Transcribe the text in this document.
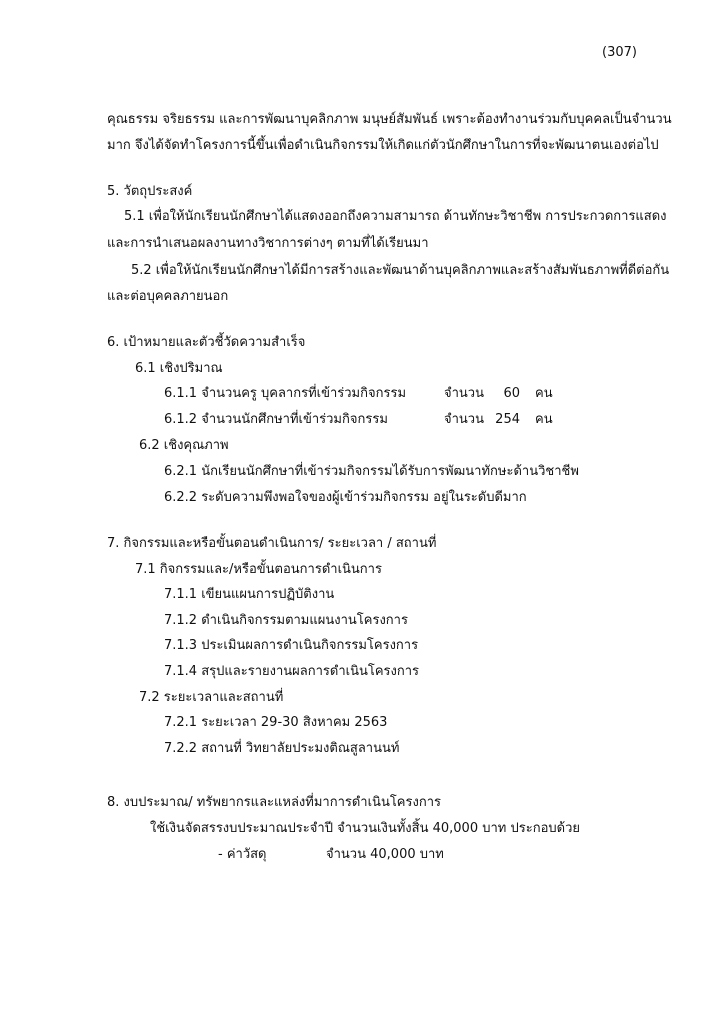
(307)
คุณธรรม จริยธรรม และการพัฒนาบุคลิกภาพ มนุษย์สัมพันธ์ เพราะต้องทำงานร่วมกับบุคคลเป็นจำนวน
มาก จึงได้จัดทำโครงการนี้ขึ้นเพื่อดำเนินกิจกรรมให้เกิดแก่ตัวนักศึกษาในการที่จะพัฒนาตนเองต่อไป
5. วัตถุประสงค์
5.1 เพื่อให้นักเรียนนักศึกษาได้แสดงออกถึงความสามารถ ด้านทักษะวิชาชีพ การประกวดการแสดง
และการนำเสนอผลงานทางวิชาการต่างๆ ตามที่ได้เรียนมา
5.2 เพื่อให้นักเรียนนักศึกษาได้มีการสร้างและพัฒนาด้านบุคลิกภาพและสร้างสัมพันธภาพที่ดีต่อกัน
และต่อบุคคลภายนอก
6. เป้าหมายและตัวชี้วัดความสำเร็จ
6.1 เชิงปริมาณ
6.1.1 จำนวนครู บุคลากรที่เข้าร่วมกิจกรรม	จำนวน	60 คน
6.1.2 จำนวนนักศึกษาที่เข้าร่วมกิจกรรม	จำนวน 254 คน
6.2 เชิงคุณภาพ
6.2.1 นักเรียนนักศึกษาที่เข้าร่วมกิจกรรมได้รับการพัฒนาทักษะด้านวิชาชีพ
6.2.2 ระดับความพึงพอใจของผู้เข้าร่วมกิจกรรม อยู่ในระดับดีมาก
7. กิจกรรมและหรือขั้นตอนดำเนินการ/ ระยะเวลา / สถานที่
7.1 กิจกรรมและ/หรือขั้นตอนการดำเนินการ
7.1.1 เขียนแผนการปฏิบัติงาน
7.1.2 ดำเนินกิจกรรมตามแผนงานโครงการ
7.1.3 ประเมินผลการดำเนินกิจกรรมโครงการ
7.1.4 สรุปและรายงานผลการดำเนินโครงการ
7.2 ระยะเวลาและสถานที่
7.2.1 ระยะเวลา 29-30 สิงหาคม 2563
7.2.2 สถานที่ วิทยาลัยประมงติณสูลานนท์
8. งบประมาณ/ ทรัพยากรและแหล่งที่มาการดำเนินโครงการ
ใช้เงินจัดสรรงบประมาณประจำปี จำนวนเงินทั้งสิ้น 40,000 บาท ประกอบด้วย
- ค่าวัสดุ	จำนวน 40,000 บาท
